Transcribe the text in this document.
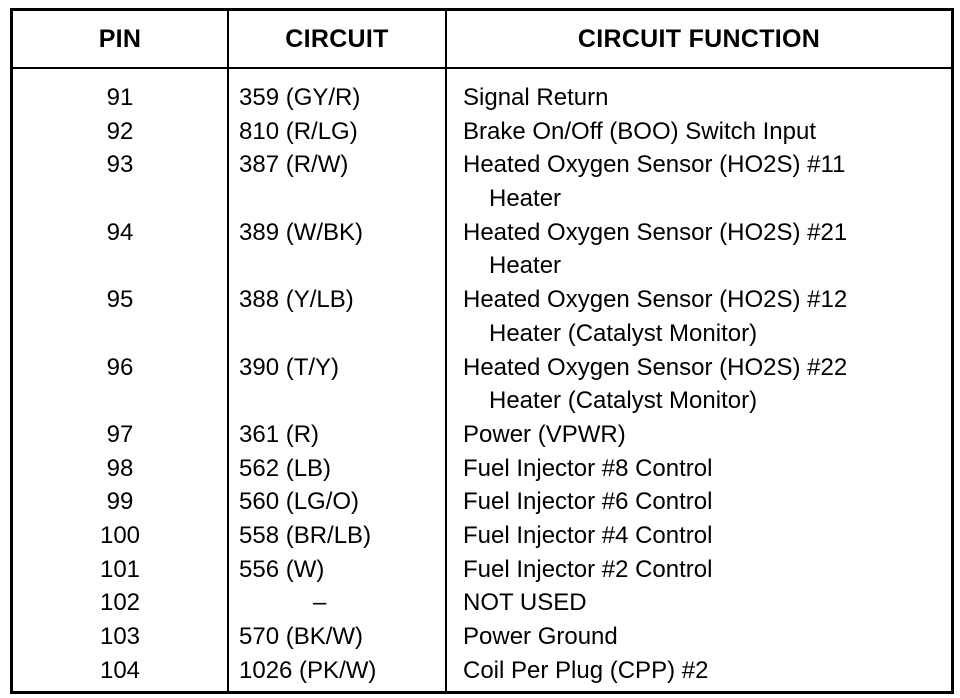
PIN	CIRCUIT	CIRCUIT FUNCTION
91	359 (GY/R)	Signal Return
92	810 (R/LG)	Brake On/Off (BOO) Switch Input
93	387 (R/W)	Heated Oxygen Sensor (HO2S) #11
Heater
94	389 (W/BK)	Heated Oxygen Sensor (HO2S) #21
Heater
95	388 (Y/LB)	Heated Oxygen Sensor (HO2S) #12
Heater (Catalyst Monitor)
96	390 (T/Y)	Heated Oxygen Sensor (HO2S) #22
Heater (Catalyst Monitor)
97	361 (R)	Power (VPWR)
98	562 (LB)	Fuel Injector #8 Control
99	560 (LG/O)	Fuel Injector #6 Control
100	558 (BR/LB)	Fuel Injector #4 Control
101	556 (W)	Fuel Injector #2 Control
102	–	NOT USED
103	570 (BK/W)	Power Ground
104	1026 (PK/W)	Coil Per Plug (CPP) #2
